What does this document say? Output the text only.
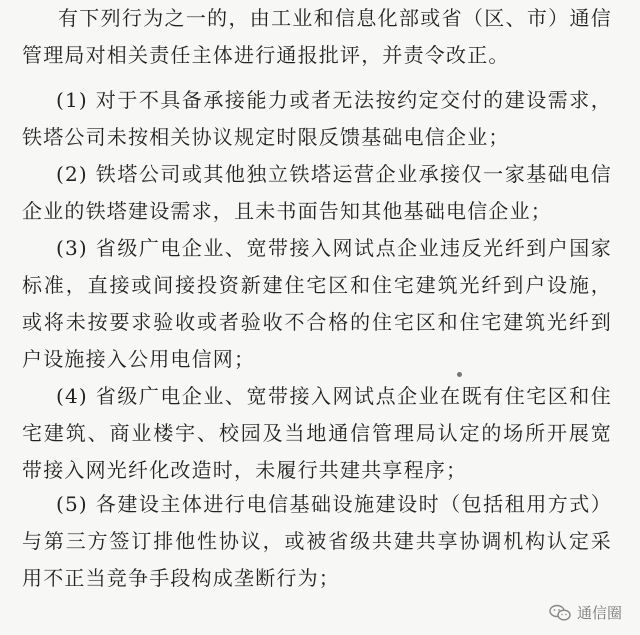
有下列行为之一的，由工业和信息化部或省（区、市）通信管理局对相关责任主体进行通报批评，并责令改正。

(1) 对于不具备承接能力或者无法按约定交付的建设需求，铁塔公司未按相关协议规定时限反馈基础电信企业；

(2) 铁塔公司或其他独立铁塔运营企业承接仅一家基础电信企业的铁塔建设需求，且未书面告知其他基础电信企业；

(3) 省级广电企业、宽带接入网试点企业违反光纤到户国家标准，直接或间接投资新建住宅区和住宅建筑光纤到户设施，或将未按要求验收或者验收不合格的住宅区和住宅建筑光纤到户设施接入公用电信网；

(4) 省级广电企业、宽带接入网试点企业在既有住宅区和住宅建筑、商业楼宇、校园及当地通信管理局认定的场所开展宽带接入网光纤化改造时，未履行共建共享程序；

(5) 各建设主体进行电信基础设施建设时（包括租用方式）与第三方签订排他性协议，或被省级共建共享协调机构认定采用不正当竞争手段构成垄断行为；

通信圈
